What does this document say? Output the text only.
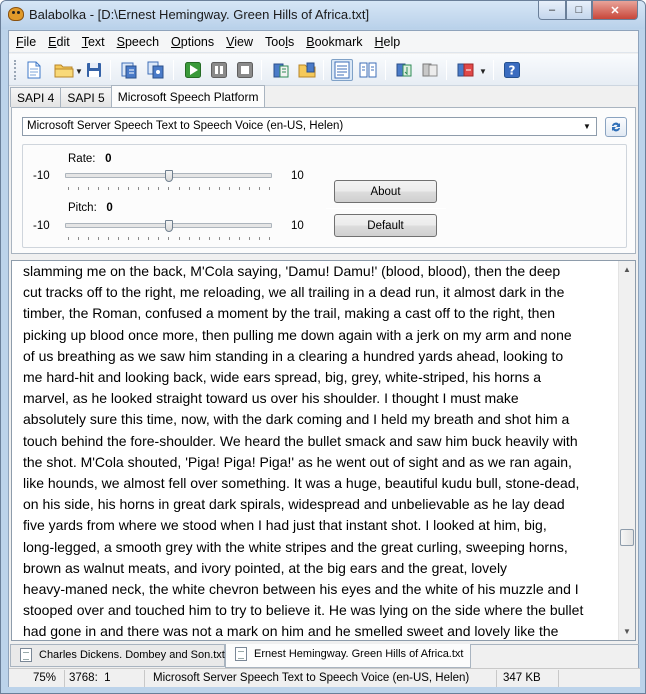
Balabolka - [D:\Ernest Hemingway. Green Hills of Africa.txt]	–	□	✕
File Edit Text Speech Options View Tools Bookmark Help
▼	▼ ?
SAPI 4	SAPI 5	Microsoft Speech Platform
Microsoft Server Speech Text to Speech Voice (en-US, Helen)	▼
Rate: 0
-10	10
Pitch: 0
-10	10
About
Default
slamming me on the back, M'Cola saying, 'Damu! Damu!' (blood, blood), then the deep
cut tracks off to the right, me reloading, we all trailing in a dead run, it almost dark in the
timber, the Roman, confused a moment by the trail, making a cast off to the right, then
picking up blood once more, then pulling me down again with a jerk on my arm and none
of us breathing as we saw him standing in a clearing a hundred yards ahead, looking to
me hard-hit and looking back, wide ears spread, big, grey, white-striped, his horns a
marvel, as he looked straight toward us over his shoulder. I thought I must make
absolutely sure this time, now, with the dark coming and I held my breath and shot him a
touch behind the fore-shoulder. We heard the bullet smack and saw him buck heavily with
the shot. M'Cola shouted, 'Piga! Piga! Piga!' as he went out of sight and as we ran again,
like hounds, we almost fell over something. It was a huge, beautiful kudu bull, stone-dead,
on his side, his horns in great dark spirals, widespread and unbelievable as he lay dead
five yards from where we stood when I had just that instant shot. I looked at him, big,
long-legged, a smooth grey with the white stripes and the great curling, sweeping horns,
brown as walnut meats, and ivory pointed, at the big ears and the great, lovely
heavy-maned neck, the white chevron between his eyes and the white of his muzzle and I
stooped over and touched him to try to believe it. He was lying on the side where the bullet
had gone in and there was not a mark on him and he smelled sweet and lovely like the
▲
▼
Charles Dickens. Dombey and Son.txt	Ernest Hemingway. Green Hills of Africa.txt
75%	3768: 1	Microsoft Server Speech Text to Speech Voice (en-US, Helen)	347 KB
